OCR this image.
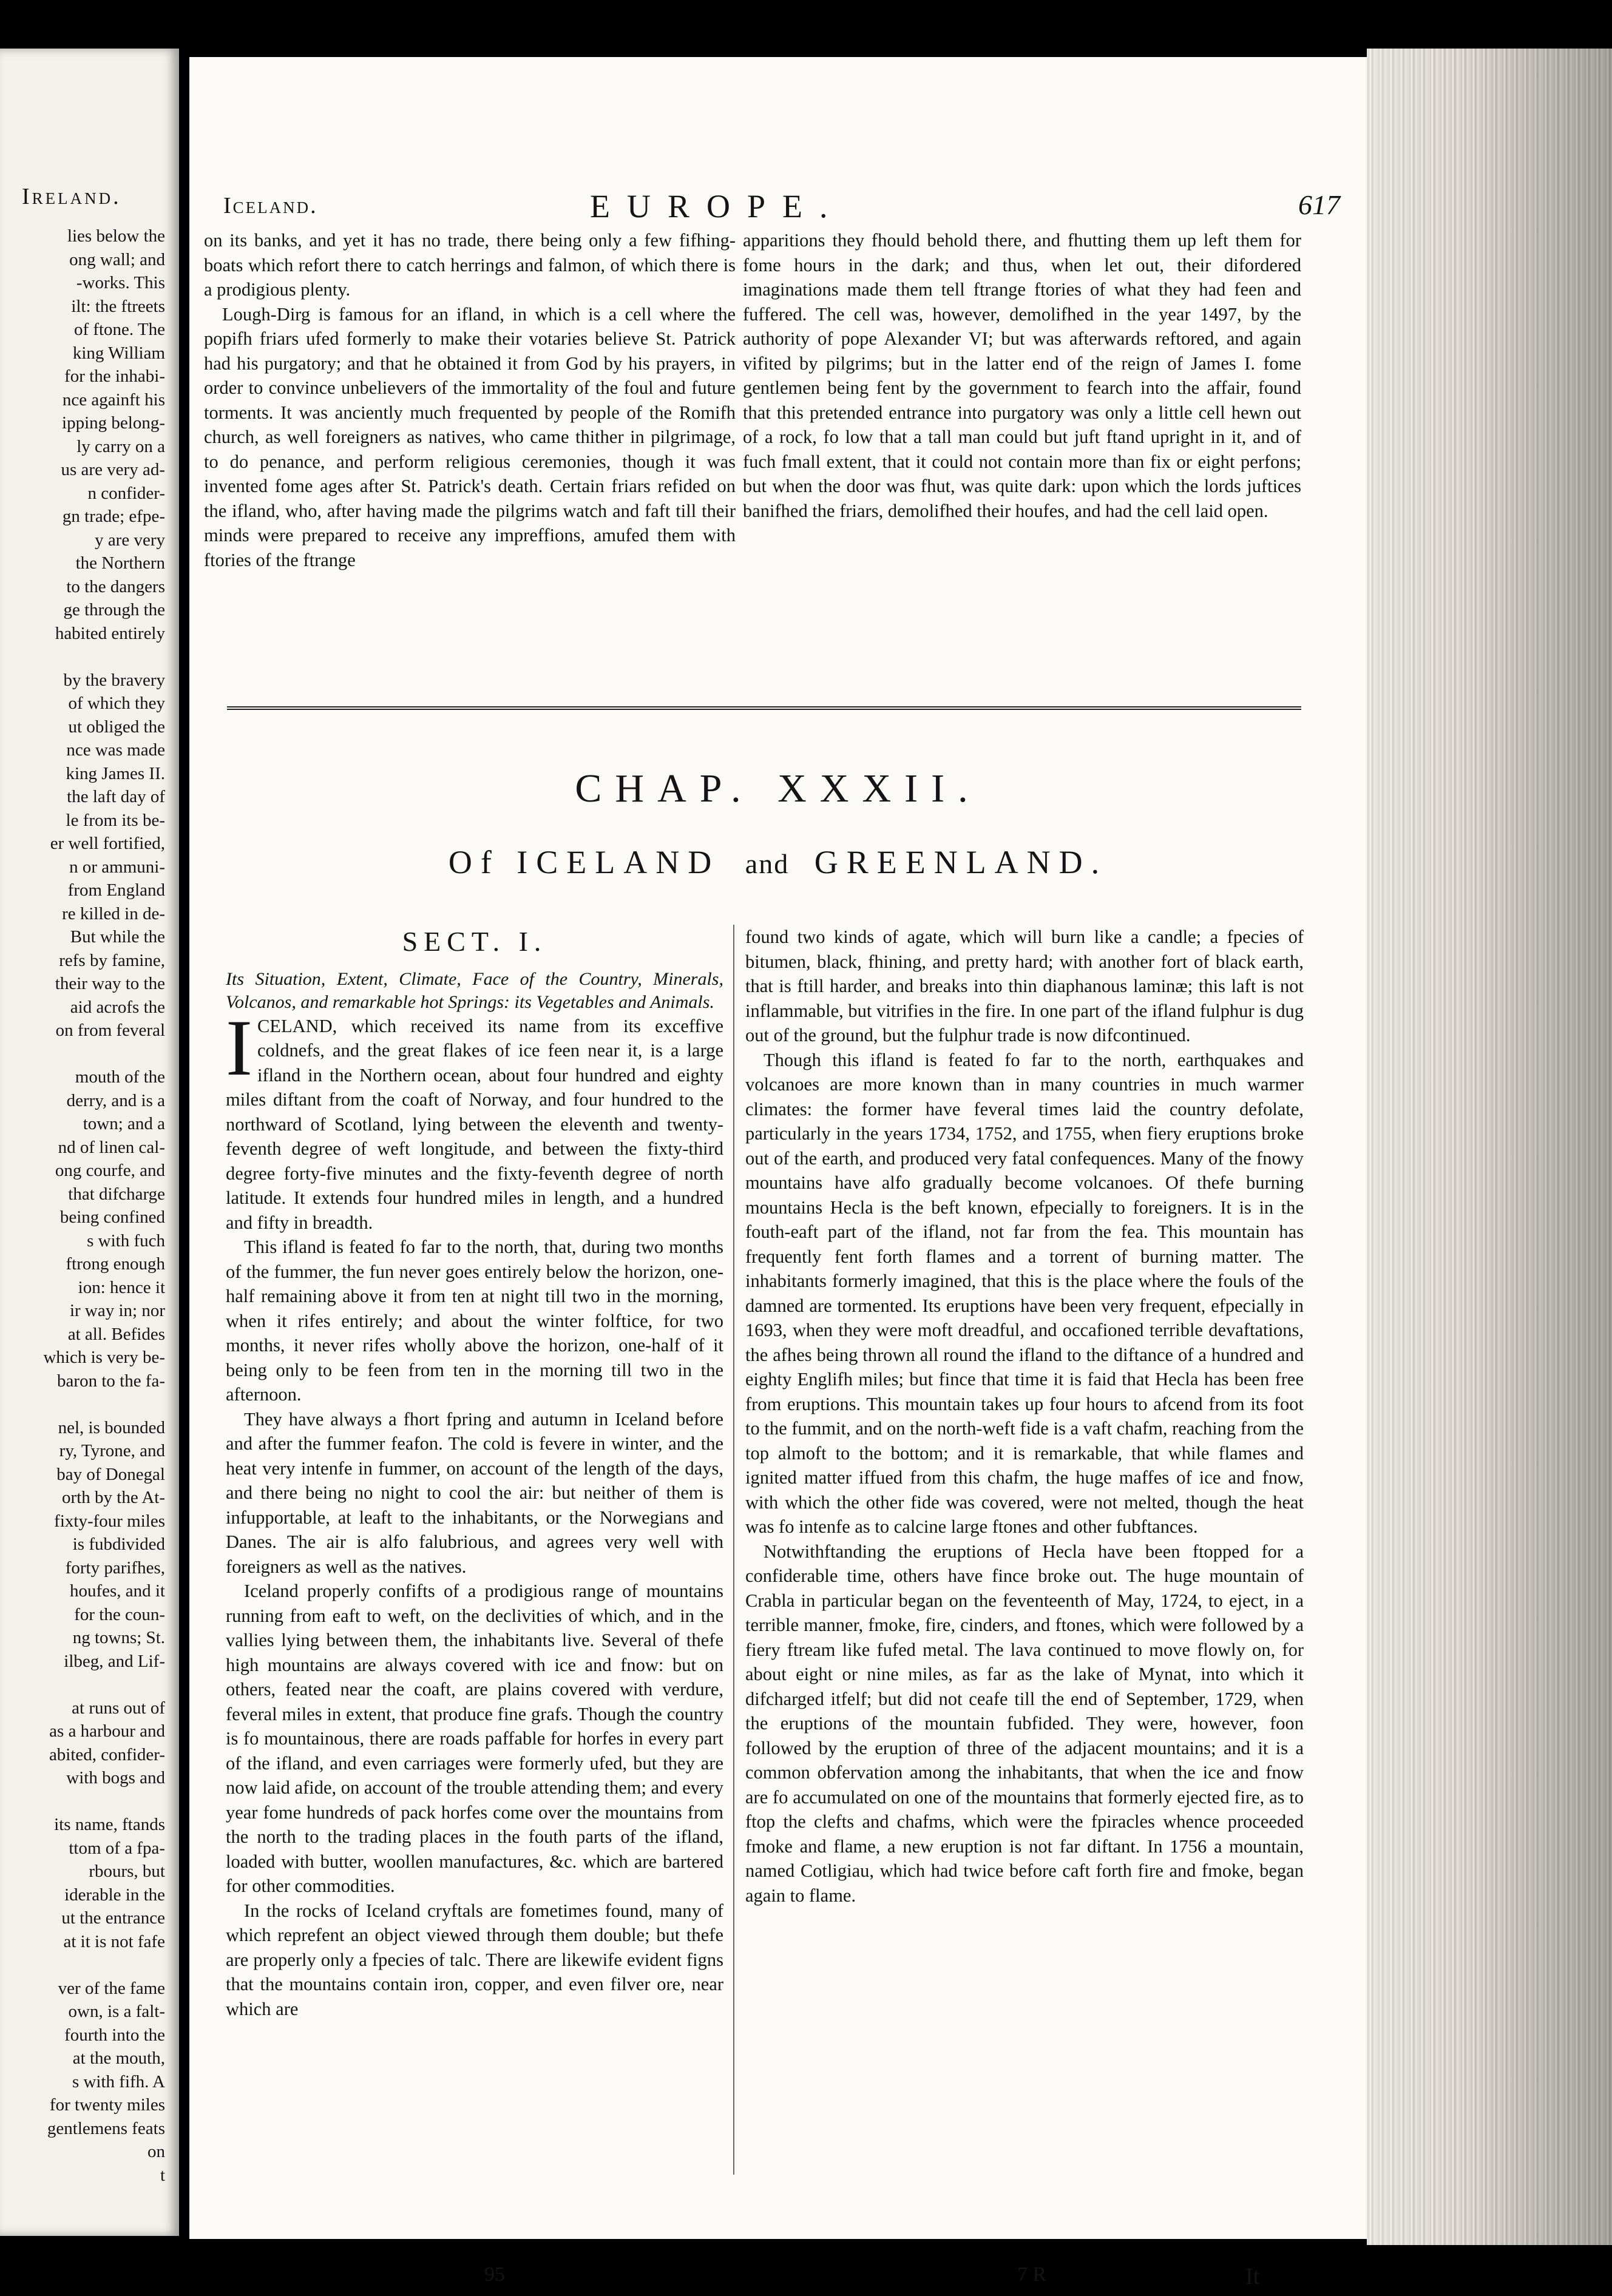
Ireland.
lies below the
ong wall; and
-works. This
ilt: the ftreets
of ftone. The
king William
for the inhabi-
nce againft his
ipping belong-
ly carry on a
us are very ad-
n confider-
gn trade; efpe-
y are very
the Northern
to the dangers
ge through the
habited entirely
by the bravery
of which they
ut obliged the
nce was made
king James II.
the laft day of
le from its be-
er well fortified,
n or ammuni-
from England
re killed in de-
But while the
refs by famine,
their way to the
aid acrofs the
on from feveral
mouth of the
derry, and is a
town; and a
nd of linen cal-
ong courfe, and
that difcharge
being confined
s with fuch
ftrong enough
ion: hence it
ir way in; nor
at all. Befides
which is very be-
baron to the fa-
nel, is bounded
ry, Tyrone, and
bay of Donegal
orth by the At-
fixty-four miles
is fubdivided
forty parifhes,
houfes, and it
for the coun-
ng towns; St.
ilbeg, and Lif-
at runs out of
as a harbour and
abited, confider-
with bogs and
its name, ftands
ttom of a fpa-
rbours, but
iderable in the
ut the entrance
at it is not fafe
ver of the fame
own, is a falt-
fourth into the
at the mouth,
s with fifh. A
for twenty miles
gentlemens feats
on
t
Iceland.	EUROPE.	617

on its banks, and yet it has no trade, there being only a few fifhing-boats which refort there to catch herrings and falmon, of which there is a prodigious plenty.

Lough-Dirg is famous for an ifland, in which is a cell where the popifh friars ufed formerly to make their votaries believe St. Patrick had his purgatory; and that he obtained it from God by his prayers, in order to convince unbelievers of the immortality of the foul and future torments. It was anciently much frequented by people of the Romifh church, as well foreigners as natives, who came thither in pilgrimage, to do penance, and perform religious ceremonies, though it was invented fome ages after St. Patrick's death. Certain friars refided on the ifland, who, after having made the pilgrims watch and faft till their minds were prepared to receive any impreffions, amufed them with ftories of the ftrange

apparitions they fhould behold there, and fhutting them up left them for fome hours in the dark; and thus, when let out, their difordered imaginations made them tell ftrange ftories of what they had feen and fuffered. The cell was, however, demolifhed in the year 1497, by the authority of pope Alexander VI; but was afterwards reftored, and again vifited by pilgrims; but in the latter end of the reign of James I. fome gentlemen being fent by the government to fearch into the affair, found that this pretended entrance into purgatory was only a little cell hewn out of a rock, fo low that a tall man could but juft ftand upright in it, and of fuch fmall extent, that it could not contain more than fix or eight perfons; but when the door was fhut, was quite dark: upon which the lords juftices banifhed the friars, demolifhed their houfes, and had the cell laid open.

CHAP. XXXII.
Of ICELAND and GREENLAND.
SECT. I.

Its Situation, Extent, Climate, Face of the Country, Minerals, Volcanos, and remarkable hot Springs: its Vegetables and Animals.

ICELAND, which received its name from its exceffive coldnefs, and the great flakes of ice feen near it, is a large ifland in the Northern ocean, about four hundred and eighty miles diftant from the coaft of Norway, and four hundred to the northward of Scotland, lying between the eleventh and twenty-feventh degree of weft longitude, and between the fixty-third degree forty-five minutes and the fixty-feventh degree of north latitude. It extends four hundred miles in length, and a hundred and fifty in breadth.

This ifland is feated fo far to the north, that, during two months of the fummer, the fun never goes entirely below the horizon, one-half remaining above it from ten at night till two in the morning, when it rifes entirely; and about the winter folftice, for two months, it never rifes wholly above the horizon, one-half of it being only to be feen from ten in the morning till two in the afternoon.

They have always a fhort fpring and autumn in Iceland before and after the fummer feafon. The cold is fevere in winter, and the heat very intenfe in fummer, on account of the length of the days, and there being no night to cool the air: but neither of them is infupportable, at leaft to the inhabitants, or the Norwegians and Danes. The air is alfo falubrious, and agrees very well with foreigners as well as the natives.

Iceland properly confifts of a prodigious range of mountains running from eaft to weft, on the declivities of which, and in the vallies lying between them, the inhabitants live. Several of thefe high mountains are always covered with ice and fnow: but on others, feated near the coaft, are plains covered with verdure, feveral miles in extent, that produce fine grafs. Though the country is fo mountainous, there are roads paffable for horfes in every part of the ifland, and even carriages were formerly ufed, but they are now laid afide, on account of the trouble attending them; and every year fome hundreds of pack horfes come over the mountains from the north to the trading places in the fouth parts of the ifland, loaded with butter, woollen manufactures, &c. which are bartered for other commodities.

In the rocks of Iceland cryftals are fometimes found, many of which reprefent an object viewed through them double; but thefe are properly only a fpecies of talc. There are likewife evident figns that the mountains contain iron, copper, and even filver ore, near which are

found two kinds of agate, which will burn like a candle; a fpecies of bitumen, black, fhining, and pretty hard; with another fort of black earth, that is ftill harder, and breaks into thin diaphanous laminæ; this laft is not inflammable, but vitrifies in the fire. In one part of the ifland fulphur is dug out of the ground, but the fulphur trade is now difcontinued.

Though this ifland is feated fo far to the north, earthquakes and volcanoes are more known than in many countries in much warmer climates: the former have feveral times laid the country defolate, particularly in the years 1734, 1752, and 1755, when fiery eruptions broke out of the earth, and produced very fatal confequences. Many of the fnowy mountains have alfo gradually become volcanoes. Of thefe burning mountains Hecla is the beft known, efpecially to foreigners. It is in the fouth-eaft part of the ifland, not far from the fea. This mountain has frequently fent forth flames and a torrent of burning matter. The inhabitants formerly imagined, that this is the place where the fouls of the damned are tormented. Its eruptions have been very frequent, efpecially in 1693, when they were moft dreadful, and occafioned terrible devaftations, the afhes being thrown all round the ifland to the diftance of a hundred and eighty Englifh miles; but fince that time it is faid that Hecla has been free from eruptions. This mountain takes up four hours to afcend from its foot to the fummit, and on the north-weft fide is a vaft chafm, reaching from the top almoft to the bottom; and it is remarkable, that while flames and ignited matter iffued from this chafm, the huge maffes of ice and fnow, with which the other fide was covered, were not melted, though the heat was fo intenfe as to calcine large ftones and other fubftances.

Notwithftanding the eruptions of Hecla have been ftopped for a confiderable time, others have fince broke out. The huge mountain of Crabla in particular began on the feventeenth of May, 1724, to eject, in a terrible manner, fmoke, fire, cinders, and ftones, which were followed by a fiery ftream like fufed metal. The lava continued to move flowly on, for about eight or nine miles, as far as the lake of Mynat, into which it difcharged itfelf; but did not ceafe till the end of September, 1729, when the eruptions of the mountain fubfided. They were, however, foon followed by the eruption of three of the adjacent mountains; and it is a common obfervation among the inhabitants, that when the ice and fnow are fo accumulated on one of the mountains that formerly ejected fire, as to ftop the clefts and chafms, which were the fpiracles whence proceeded fmoke and flame, a new eruption is not far diftant. In 1756 a mountain, named Cotligiau, which had twice before caft forth fire and fmoke, began again to flame.

95	7 R	It
